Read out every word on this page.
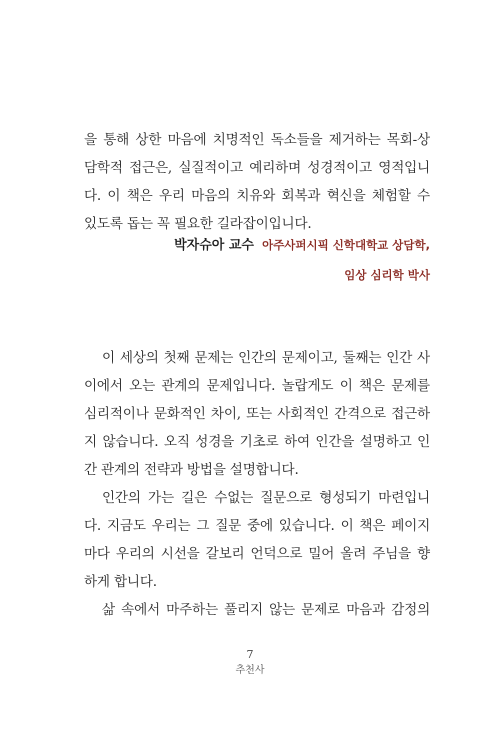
을 통해 상한 마음에 치명적인 독소들을 제거하는 목회-상
담학적 접근은, 실질적이고 예리하며 성경적이고 영적입니
다. 이 책은 우리 마음의 치유와 회복과 혁신을 체험할 수
있도록 돕는 꼭 필요한 길라잡이입니다.
박자슈아 교수 아주사퍼시픽 신학대학교 상담학,
임상 심리학 박사
이 세상의 첫째 문제는 인간의 문제이고, 둘째는 인간 사
이에서 오는 관계의 문제입니다. 놀랍게도 이 책은 문제를
심리적이나 문화적인 차이, 또는 사회적인 간격으로 접근하
지 않습니다. 오직 성경을 기초로 하여 인간을 설명하고 인
간 관계의 전략과 방법을 설명합니다.
인간의 가는 길은 수없는 질문으로 형성되기 마련입니
다. 지금도 우리는 그 질문 중에 있습니다. 이 책은 페이지
마다 우리의 시선을 갈보리 언덕으로 밀어 올려 주님을 향
하게 합니다.
삶 속에서 마주하는 풀리지 않는 문제로 마음과 감정의
7
추천사
